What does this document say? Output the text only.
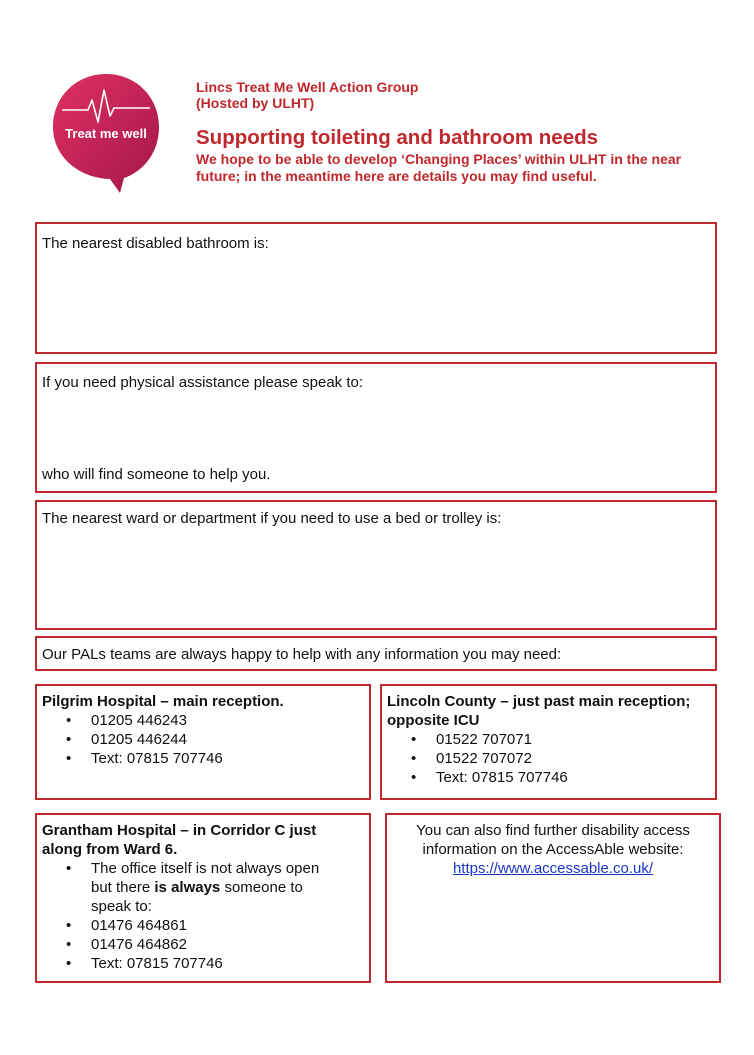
Treat me well
Lincs Treat Me Well Action Group
(Hosted by ULHT)
Supporting toileting and bathroom needs
We hope to be able to develop ‘Changing Places’ within ULHT in the near future; in the meantime here are details you may find useful.
The nearest disabled bathroom is:
If you need physical assistance please speak to:
who will find someone to help you.
The nearest ward or department if you need to use a bed or trolley is:
Our PALs teams are always happy to help with any information you may need:
Pilgrim Hospital – main reception.
• 01205 446243
• 01205 446244
• Text: 07815 707746
Lincoln County – just past main reception; opposite ICU
• 01522 707071
• 01522 707072
• Text: 07815 707746
Grantham Hospital – in Corridor C just along from Ward 6.
• The office itself is not always open but there is always someone to speak to:
• 01476 464861
• 01476 464862
• Text: 07815 707746
You can also find further disability access
information on the AccessAble website:
https://www.accessable.co.uk/
